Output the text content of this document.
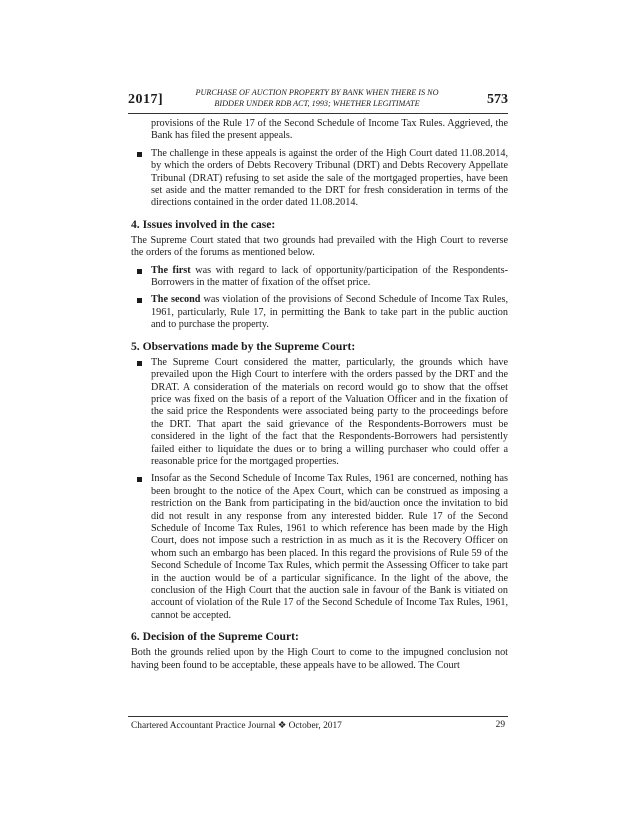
2017]	PURCHASE OF AUCTION PROPERTY BY BANK WHEN THERE IS NO
BIDDER UNDER RDB ACT, 1993; WHETHER LEGITIMATE	573

provisions of the Rule 17 of the Second Schedule of Income Tax Rules. Aggrieved, the Bank has filed the present appeals.

The challenge in these appeals is against the order of the High Court dated 11.08.2014, by which the orders of Debts Recovery Tribunal (DRT) and Debts Recovery Appellate Tribunal (DRAT) refusing to set aside the sale of the mortgaged properties, have been set aside and the matter remanded to the DRT for fresh consideration in terms of the directions contained in the order dated 11.08.2014.
4. Issues involved in the case:

The Supreme Court stated that two grounds had prevailed with the High Court to reverse the orders of the forums as mentioned below.

The first was with regard to lack of opportunity/participation of the Respondents-Borrowers in the matter of fixation of the offset price.
The second was violation of the provisions of Second Schedule of Income Tax Rules, 1961, particularly, Rule 17, in permitting the Bank to take part in the public auction and to purchase the property.
5. Observations made by the Supreme Court:
The Supreme Court considered the matter, particularly, the grounds which have prevailed upon the High Court to interfere with the orders passed by the DRT and the DRAT. A consideration of the materials on record would go to show that the offset price was fixed on the basis of a report of the Valuation Officer and in the fixation of the said price the Respondents were associated being party to the proceedings before the DRT. That apart the said grievance of the Respondents-Borrowers must be considered in the light of the fact that the Respondents-Borrowers had persistently failed either to liquidate the dues or to bring a willing purchaser who could offer a reasonable price for the mortgaged properties.
Insofar as the Second Schedule of Income Tax Rules, 1961 are concerned, nothing has been brought to the notice of the Apex Court, which can be construed as imposing a restriction on the Bank from participating in the bid/auction once the invitation to bid did not result in any response from any interested bidder. Rule 17 of the Second Schedule of Income Tax Rules, 1961 to which reference has been made by the High Court, does not impose such a restriction in as much as it is the Recovery Officer on whom such an embargo has been placed. In this regard the provisions of Rule 59 of the Second Schedule of Income Tax Rules, which permit the Assessing Officer to take part in the auction would be of a particular significance. In the light of the above, the conclusion of the High Court that the auction sale in favour of the Bank is vitiated on account of violation of the Rule 17 of the Second Schedule of Income Tax Rules, 1961, cannot be accepted.
6. Decision of the Supreme Court:

Both the grounds relied upon by the High Court to come to the impugned conclusion not having been found to be acceptable, these appeals have to be allowed. The Court

Chartered Accountant Practice Journal ❖ October, 2017	29
